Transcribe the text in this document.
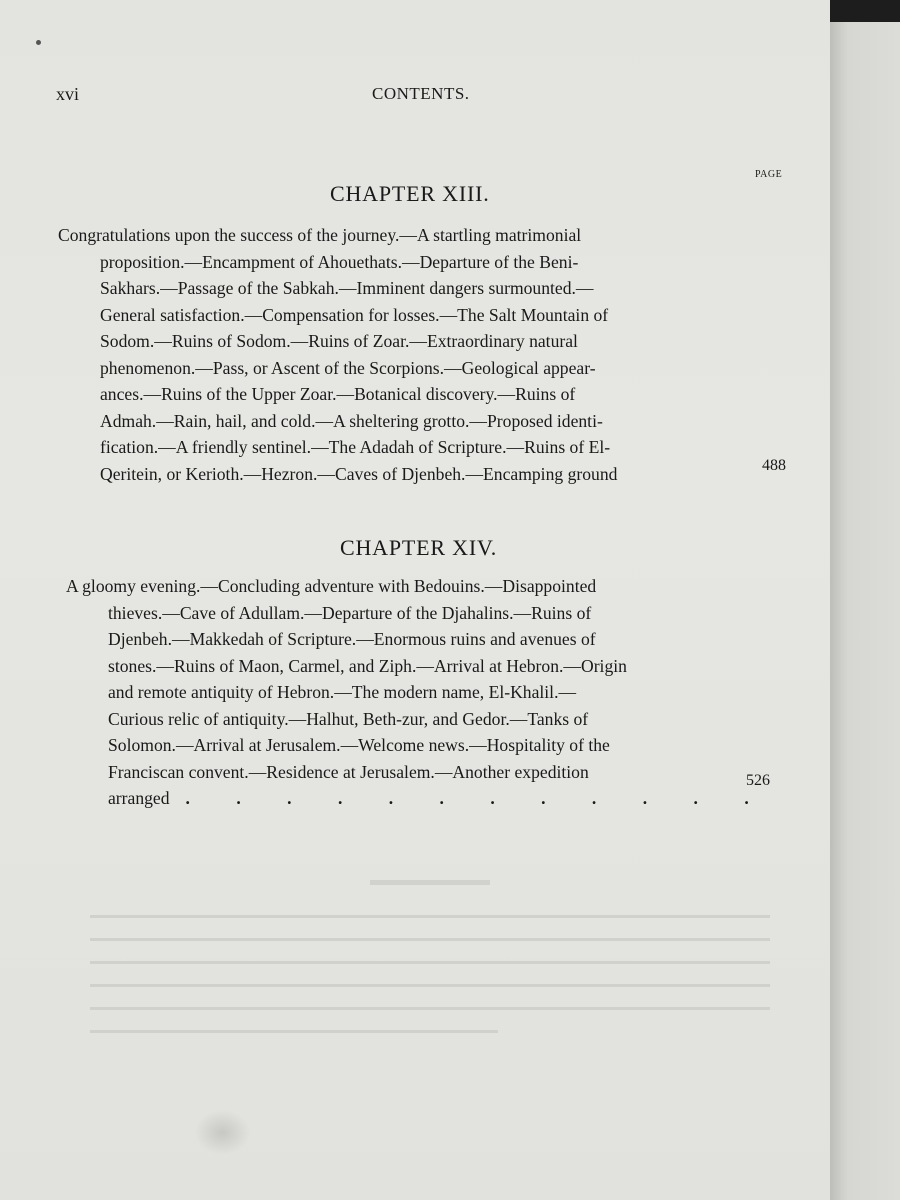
xvi	CONTENTS.
PAGE
CHAPTER XIII.
Congratulations upon the success of the journey.—A startling matrimonial
proposition.—Encampment of Ahouethats.—Departure of the Beni-
Sakhars.—Passage of the Sabkah.—Imminent dangers surmounted.—
General satisfaction.—Compensation for losses.—The Salt Mountain of
Sodom.—Ruins of Sodom.—Ruins of Zoar.—Extraordinary natural
phenomenon.—Pass, or Ascent of the Scorpions.—Geological appear-
ances.—Ruins of the Upper Zoar.—Botanical discovery.—Ruins of
Admah.—Rain, hail, and cold.—A sheltering grotto.—Proposed identi-
fication.—A friendly sentinel.—The Adadah of Scripture.—Ruins of El-
Qeritein, or Kerioth.—Hezron.—Caves of Djenbeh.—Encamping ground	488
CHAPTER XIV.
A gloomy evening.—Concluding adventure with Bedouins.—Disappointed
thieves.—Cave of Adullam.—Departure of the Djahalins.—Ruins of
Djenbeh.—Makkedah of Scripture.—Enormous ruins and avenues of
stones.—Ruins of Maon, Carmel, and Ziph.—Arrival at Hebron.—Origin
and remote antiquity of Hebron.—The modern name, El-Khalil.—
Curious relic of antiquity.—Halhut, Beth-zur, and Gedor.—Tanks of
Solomon.—Arrival at Jerusalem.—Welcome news.—Hospitality of the
Franciscan convent.—Residence at Jerusalem.—Another expedition
arranged . . . . . . . . . . . .
526
